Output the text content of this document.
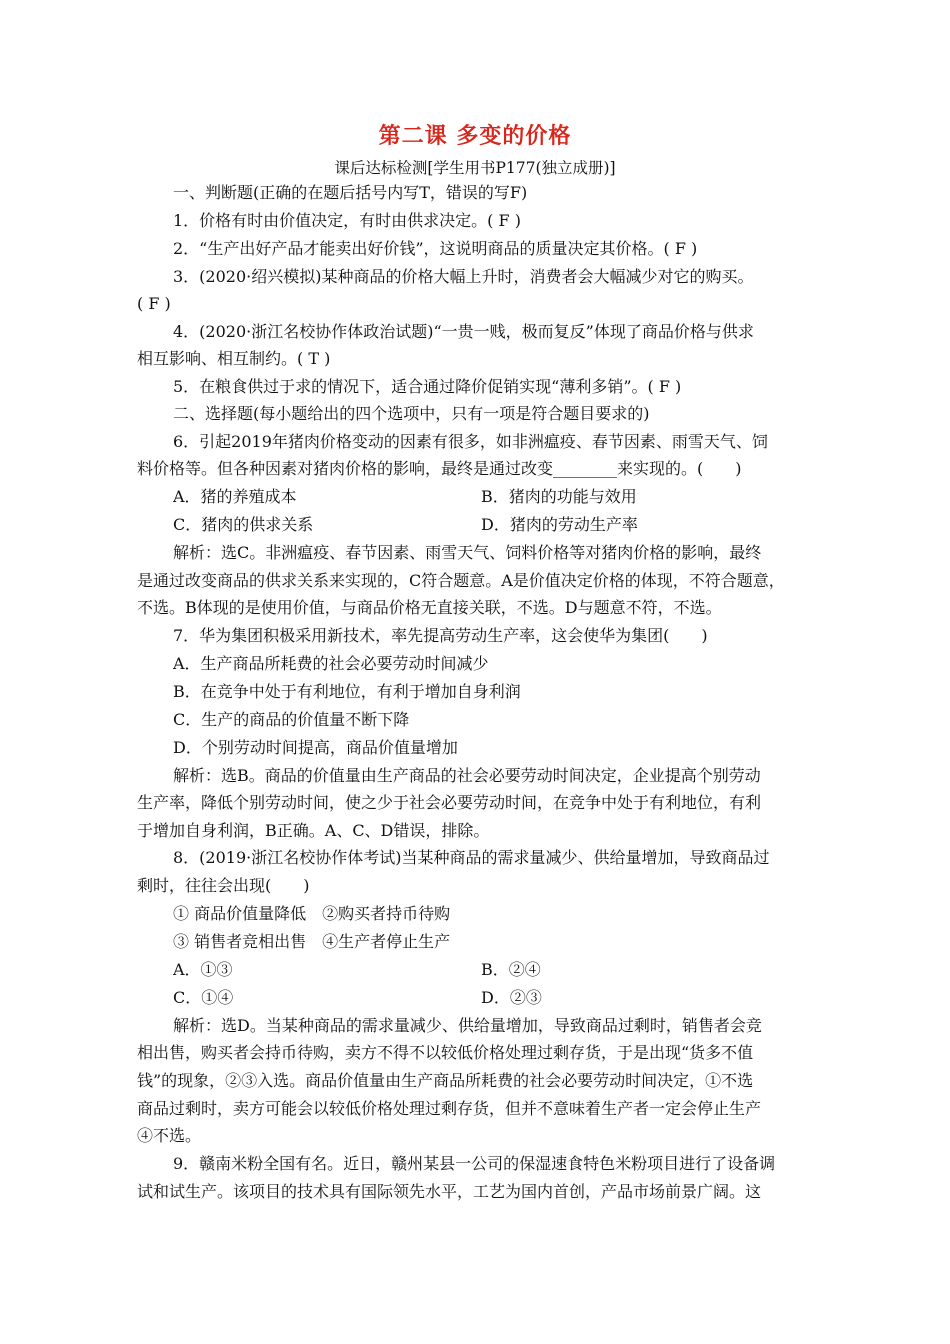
第二课 多变的价格
课后达标检测[学生用书P177(独立成册)]
一、判断题(正确的在题后括号内写T，错误的写F)
1．价格有时由价值决定，有时由供求决定。( F )
2．“生产出好产品才能卖出好价钱”，这说明商品的质量决定其价格。( F )
3．(2020·绍兴模拟)某种商品的价格大幅上升时，消费者会大幅减少对它的购买。
( F )
4．(2020·浙江名校协作体政治试题)“一贵一贱，极而复反”体现了商品价格与供求
相互影响、相互制约。( T )
5．在粮食供过于求的情况下，适合通过降价促销实现“薄利多销”。( F )
二、选择题(每小题给出的四个选项中，只有一项是符合题目要求的)
6．引起2019年猪肉价格变动的因素有很多，如非洲瘟疫、春节因素、雨雪天气、饲
料价格等。但各种因素对猪肉价格的影响，最终是通过改变________来实现的。(　　)
A．猪的养殖成本	B．猪肉的功能与效用
C．猪肉的供求关系	D．猪肉的劳动生产率
解析：选C。非洲瘟疫、春节因素、雨雪天气、饲料价格等对猪肉价格的影响，最终
是通过改变商品的供求关系来实现的，C符合题意。A是价值决定价格的体现，不符合题意，
不选。B体现的是使用价值，与商品价格无直接关联，不选。D与题意不符，不选。
7．华为集团积极采用新技术，率先提高劳动生产率，这会使华为集团(　　)
A．生产商品所耗费的社会必要劳动时间减少
B．在竞争中处于有利地位，有利于增加自身利润
C．生产的商品的价值量不断下降
D．个别劳动时间提高，商品价值量增加
解析：选B。商品的价值量由生产商品的社会必要劳动时间决定，企业提高个别劳动
生产率，降低个别劳动时间，使之少于社会必要劳动时间，在竞争中处于有利地位，有利
于增加自身利润，B正确。A、C、D错误，排除。
8．(2019·浙江名校协作体考试)当某种商品的需求量减少、供给量增加，导致商品过
剩时，往往会出现(　　)
① 商品价值量降低　②购买者持币待购
③ 销售者竞相出售　④生产者停止生产
A．①③	B．②④
C．①④	D．②③
解析：选D。当某种商品的需求量减少、供给量增加，导致商品过剩时，销售者会竞
相出售，购买者会持币待购，卖方不得不以较低价格处理过剩存货，于是出现“货多不值
钱”的现象，②③入选。商品价值量由生产商品所耗费的社会必要劳动时间决定，①不选
商品过剩时，卖方可能会以较低价格处理过剩存货，但并不意味着生产者一定会停止生产
④不选。
9．赣南米粉全国有名。近日，赣州某县一公司的保湿速食特色米粉项目进行了设备调
试和试生产。该项目的技术具有国际领先水平，工艺为国内首创，产品市场前景广阔。这
